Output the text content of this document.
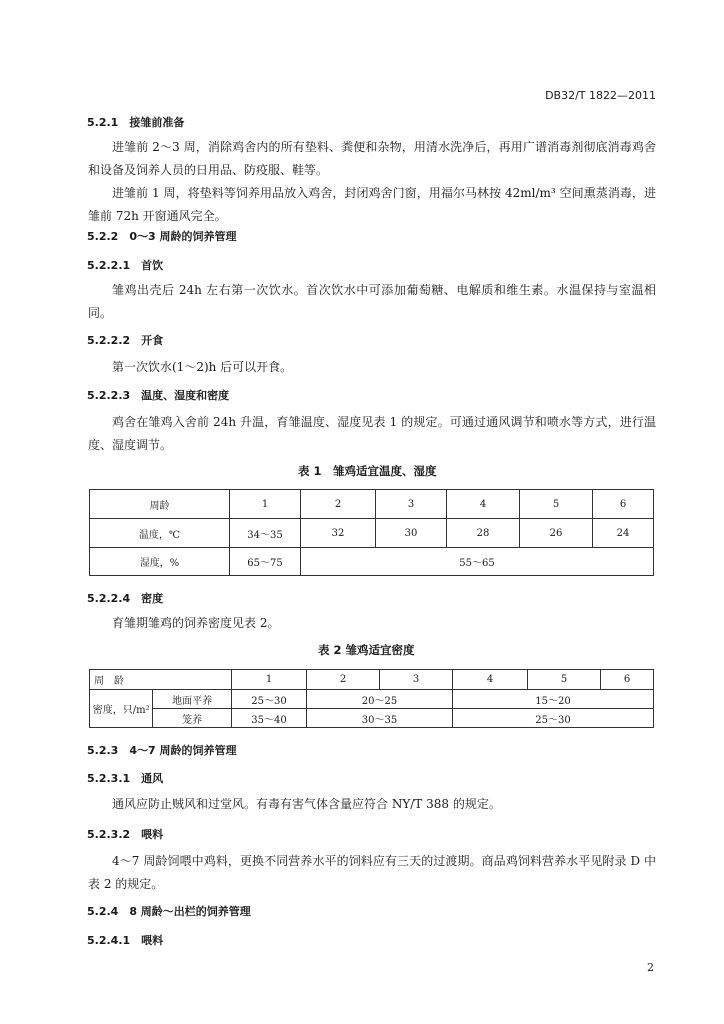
DB32/T 1822—2011
5.2.1　接雏前准备
进雏前 2～3 周，消除鸡舍内的所有垫料、粪便和杂物，用清水洗净后，再用广谱消毒剂彻底消毒鸡舍和设备及饲养人员的日用品、防疫服、鞋等。
进雏前 1 周，将垫料等饲养用品放入鸡舍，封闭鸡舍门窗，用福尔马林按 42ml/m³ 空间熏蒸消毒，进雏前 72h 开窗通风完全。
5.2.2　0～3 周龄的饲养管理
5.2.2.1　首饮
雏鸡出壳后 24h 左右第一次饮水。首次饮水中可添加葡萄糖、电解质和维生素。水温保持与室温相同。
5.2.2.2　开食
第一次饮水(1～2)h 后可以开食。
5.2.2.3　温度、湿度和密度
鸡舍在雏鸡入舍前 24h 升温，育雏温度、湿度见表 1 的规定。可通过通风调节和喷水等方式，进行温度、湿度调节。
表 1　雏鸡适宜温度、湿度
周龄	1	2	3	4	5	6
温度，℃	34～35	32	30	28	26	24
湿度，%	65～75	55～65				
5.2.2.4　密度
育雏期雏鸡的饲养密度见表 2。
表 2 雏鸡适宜密度
周　龄		1	2	3	4	5	6
密度，只/m²	地面平养	25～30	20～25		15～20		
	笼养	35～40	30～35		25～30		
5.2.3　4～7 周龄的饲养管理
5.2.3.1　通风
通风应防止贼风和过堂风。有毒有害气体含量应符合 NY/T 388 的规定。
5.2.3.2　喂料
4～7 周龄饲喂中鸡料，更换不同营养水平的饲料应有三天的过渡期。商品鸡饲料营养水平见附录 D 中表 2 的规定。
5.2.4　8 周龄～出栏的饲养管理
5.2.4.1　喂料
2
